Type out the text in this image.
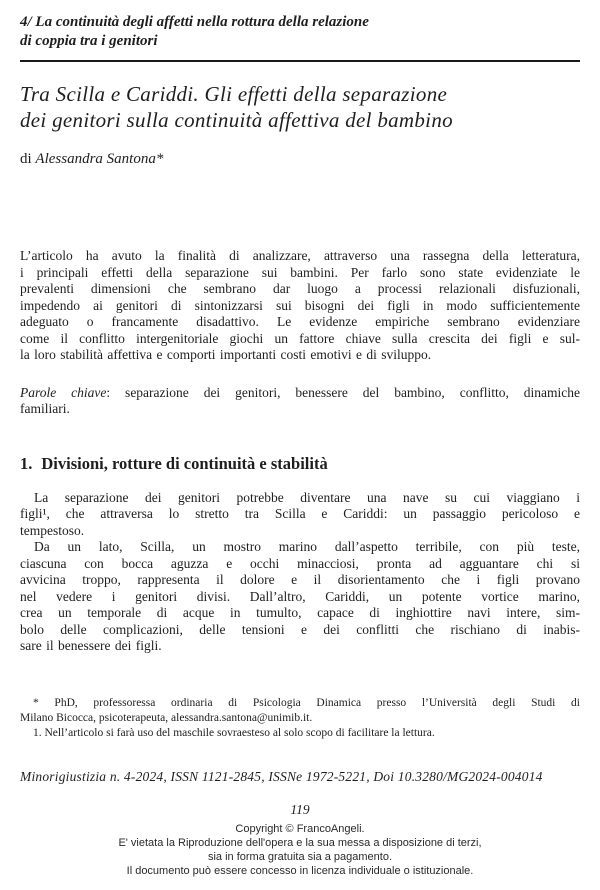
4/ La continuità degli affetti nella rottura della relazione
di coppia tra i genitori
Tra Scilla e Cariddi. Gli effetti della separazione
dei genitori sulla continuità affettiva del bambino
di Alessandra Santona*
L’articolo ha avuto la finalità di analizzare, attraverso una rassegna della letteratura,
i principali effetti della separazione sui bambini. Per farlo sono state evidenziate le
prevalenti dimensioni che sembrano dar luogo a processi relazionali disfuzionali,
impedendo ai genitori di sintonizzarsi sui bisogni dei figli in modo sufficientemente
adeguato o francamente disadattivo. Le evidenze empiriche sembrano evidenziare
come il conflitto intergenitoriale giochi un fattore chiave sulla crescita dei figli e sul-
la loro stabilità affettiva e comporti importanti costi emotivi e di sviluppo.
Parole chiave: separazione dei genitori, benessere del bambino, conflitto, dinamiche
familiari.
1. Divisioni, rotture di continuità e stabilità
La separazione dei genitori potrebbe diventare una nave su cui viaggiano i
figli¹, che attraversa lo stretto tra Scilla e Cariddi: un passaggio pericoloso e
tempestoso.
Da un lato, Scilla, un mostro marino dall’aspetto terribile, con più teste,
ciascuna con bocca aguzza e occhi minacciosi, pronta ad agguantare chi si
avvicina troppo, rappresenta il dolore e il disorientamento che i figli provano
nel vedere i genitori divisi. Dall’altro, Cariddi, un potente vortice marino,
crea un temporale di acque in tumulto, capace di inghiottire navi intere, sim-
bolo delle complicazioni, delle tensioni e dei conflitti che rischiano di inabis-
sare il benessere dei figli.
* PhD, professoressa ordinaria di Psicologia Dinamica presso l’Università degli Studi di
Milano Bicocca, psicoterapeuta, alessandra.santona@unimib.it.
1. Nell’articolo si farà uso del maschile sovraesteso al solo scopo di facilitare la lettura.
Minorigiustizia n. 4-2024, ISSN 1121-2845, ISSNe 1972-5221, Doi 10.3280/MG2024-004014
119
Copyright © FrancoAngeli.
E' vietata la Riproduzione dell'opera e la sua messa a disposizione di terzi,
sia in forma gratuita sia a pagamento.
Il documento può essere concesso in licenza individuale o istituzionale.
